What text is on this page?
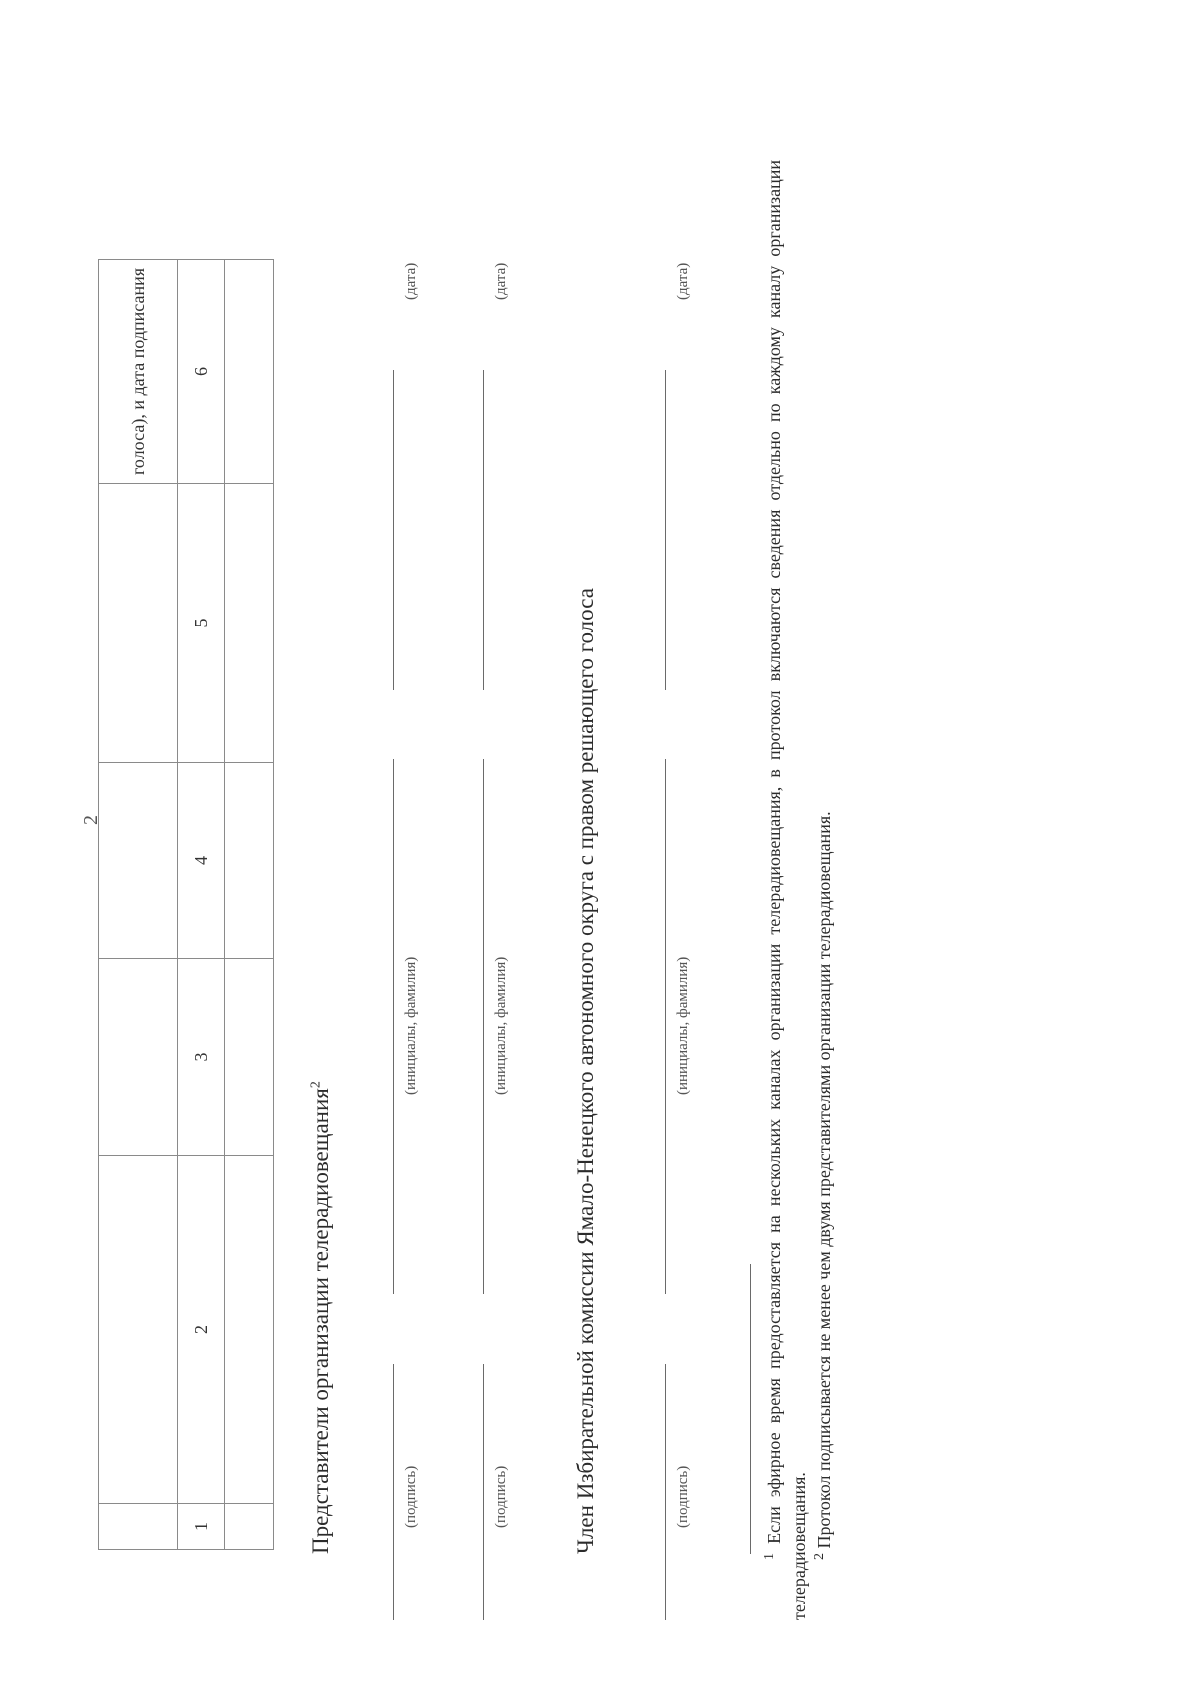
2
					голоса), и дата подписания
1	2	3	4	5	6

Представители организации телерадиовещания$^2$
(подпись)
(инициалы, фамилия)
(дата)
(подпись)
(инициалы, фамилия)
(дата)
Член Избирательной комиссии Ямало-Ненецкого автономного округа с правом решающего голоса	(подпись)
(инициалы, фамилия)
(дата)
$^1$ Если эфирное время предоставляется на нескольких каналах организации телерадиовещания, в протокол включаются сведения отдельно по каждому каналу организации телерадиовещания. $^2$ Протокол подписывается не менее чем двумя представителями организации телерадиовещания.
